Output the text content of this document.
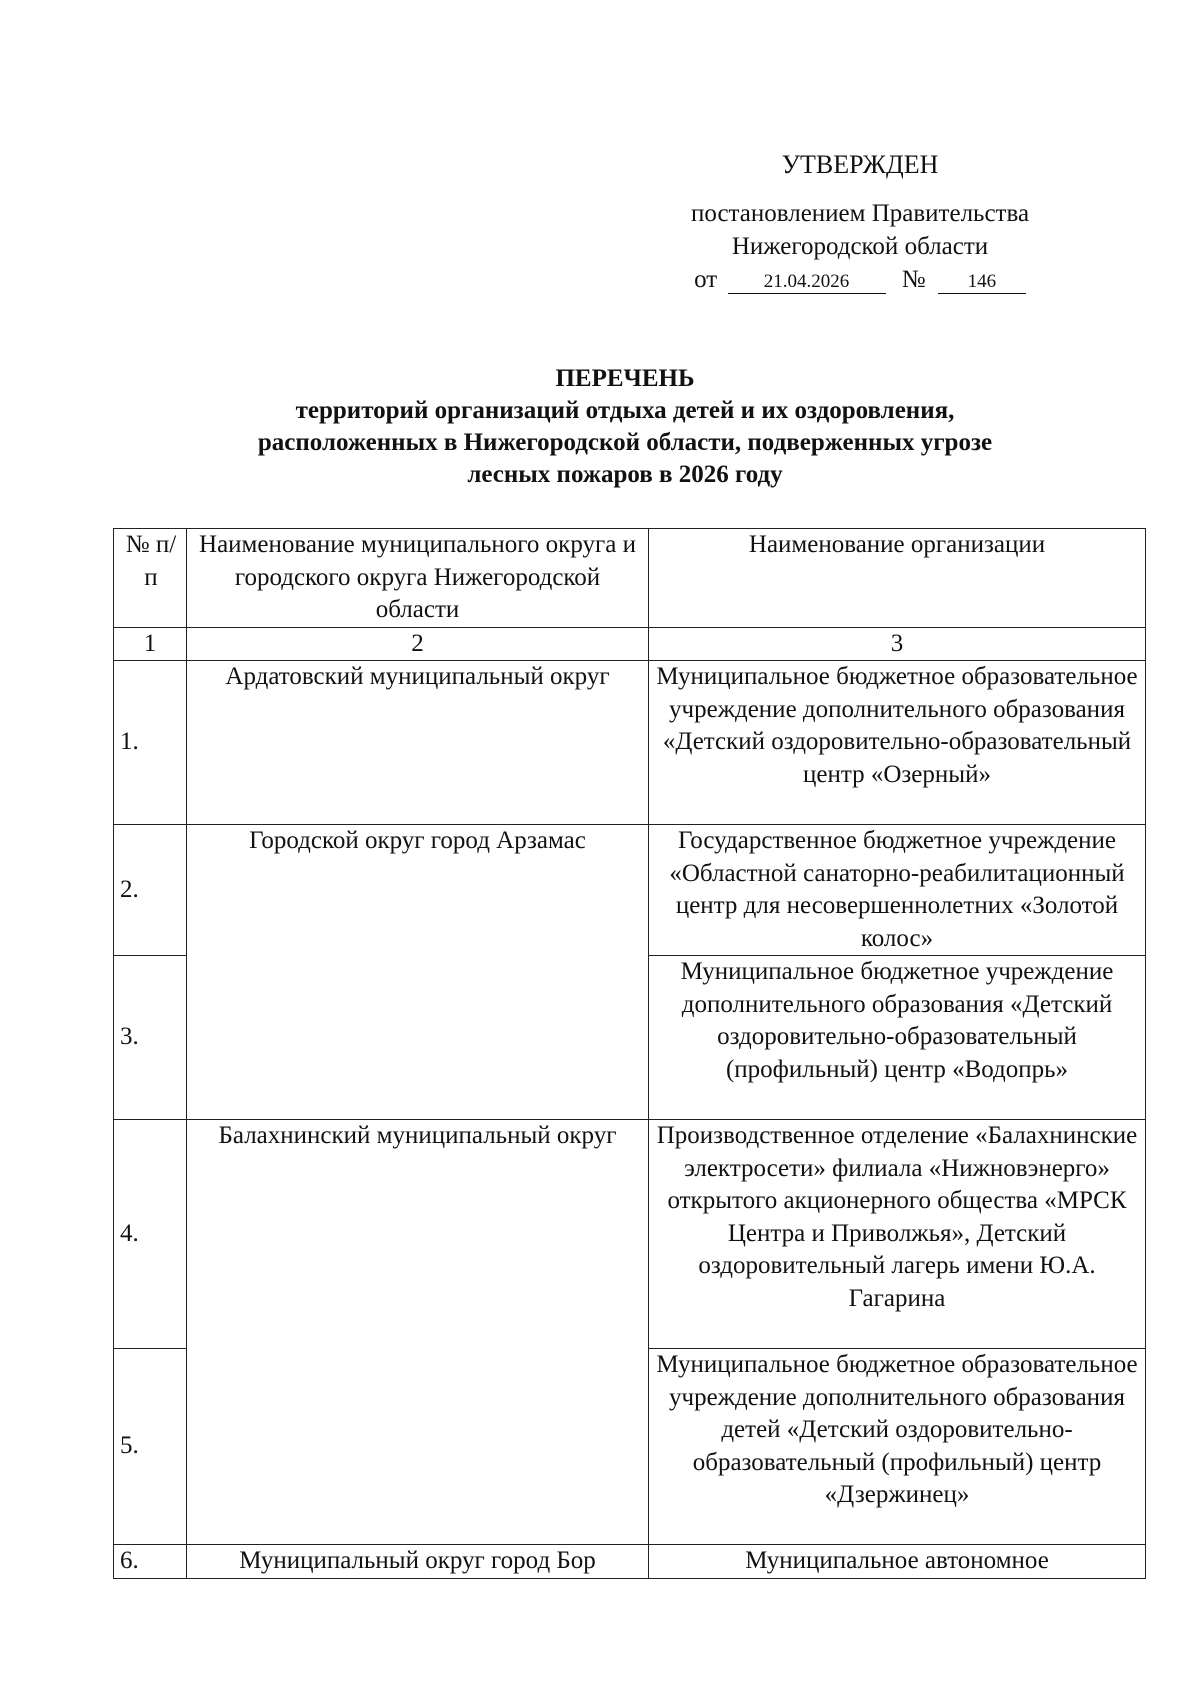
УТВЕРЖДЕН
постановлением Правительства
Нижегородской области
от 21.04.2026 № 146
ПЕРЕЧЕНЬ
территорий организаций отдыха детей и их оздоровления,
расположенных в Нижегородской области, подверженных угрозе
лесных пожаров в 2026 году
№ п/п	Наименование муниципального округа и городского округа Нижегородской области	Наименование организации
1	2	3
1.	Ардатовский муниципальный округ	Муниципальное бюджетное образовательное учреждение дополнительного образования «Детский оздоровительно-образовательный центр «Озерный»
2.	Городской округ город Арзамас	Государственное бюджетное учреждение «Областной санаторно-реабилитационный центр для несовершеннолетних «Золотой колос»
3.		Муниципальное бюджетное учреждение дополнительного образования «Детский оздоровительно-образовательный (профильный) центр «Водопрь»
4.	Балахнинский муниципальный округ	Производственное отделение «Балахнинские электросети» филиала «Нижновэнерго» открытого акционерного общества «МРСК Центра и Приволжья», Детский оздоровительный лагерь имени Ю.А. Гагарина
5.		Муниципальное бюджетное образовательное учреждение дополнительного образования детей «Детский оздоровительно-образовательный (профильный) центр «Дзержинец»
6.	Муниципальный округ город Бор	Муниципальное автономное
